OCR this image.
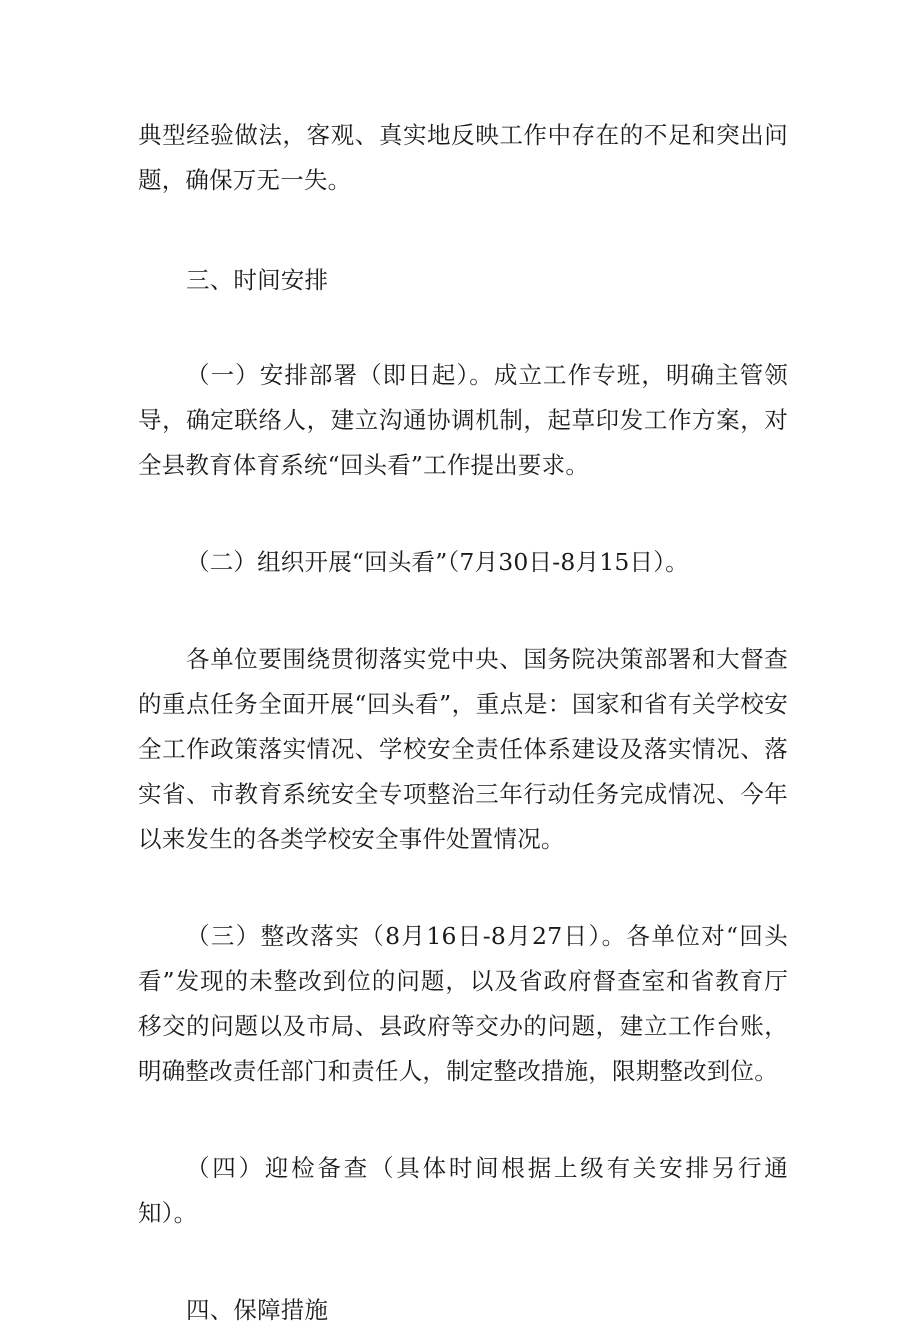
典型经验做法，客观、真实地反映工作中存在的不足和突出问题，确保万无一失。

三、时间安排

（一）安排部署（即日起）。成立工作专班，明确主管领导，确定联络人，建立沟通协调机制，起草印发工作方案，对全县教育体育系统“回头看”工作提出要求。

（二）组织开展“回头看”（7月30日-8月15日）。

各单位要围绕贯彻落实党中央、国务院决策部署和大督查的重点任务全面开展“回头看”，重点是：国家和省有关学校安全工作政策落实情况、学校安全责任体系建设及落实情况、落实省、市教育系统安全专项整治三年行动任务完成情况、今年以来发生的各类学校安全事件处置情况。

（三）整改落实（8月16日-8月27日）。各单位对“回头看”发现的未整改到位的问题，以及省政府督查室和省教育厅移交的问题以及市局、县政府等交办的问题，建立工作台账，明确整改责任部门和责任人，制定整改措施，限期整改到位。

（四）迎检备查（具体时间根据上级有关安排另行通知）。

四、保障措施
